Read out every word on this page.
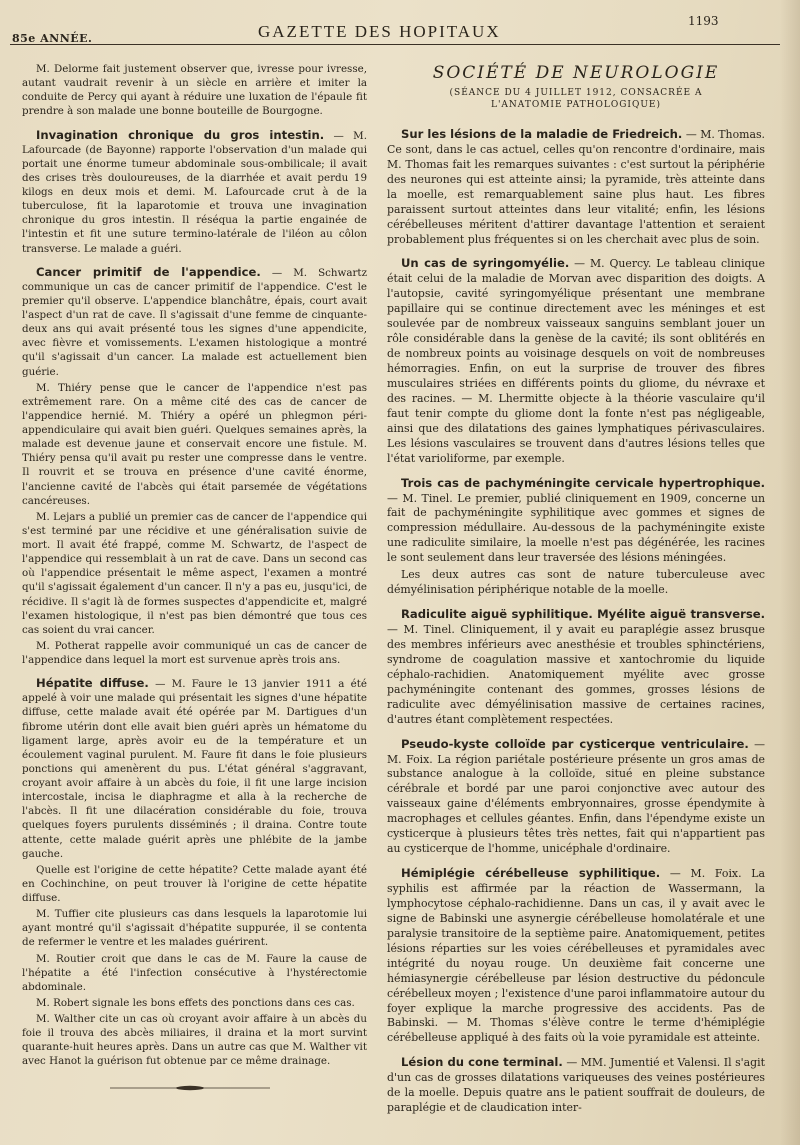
85e ANNÉE.	GAZETTE DES HOPITAUX
1193

M. Delorme fait justement observer que, ivresse pour ivresse, autant vaudrait revenir à un siècle en arrière et imiter la conduite de Percy qui ayant à réduire une luxation de l'épaule fit prendre à son malade une bonne bouteille de Bourgogne.

Invagination chronique du gros intestin. — M. Lafourcade (de Bayonne) rapporte l'observation d'un malade qui portait une énorme tumeur abdominale sous-ombilicale; il avait des crises très douloureuses, de la diarrhée et avait perdu 19 kilogs en deux mois et demi. M. Lafourcade crut à de la tuberculose, fit la laparotomie et trouva une invagination chronique du gros intestin. Il réséqua la partie engainée de l'intestin et fit une suture termino-latérale de l'iléon au côlon transverse. Le malade a guéri.

Cancer primitif de l'appendice. — M. Schwartz communique un cas de cancer primitif de l'appendice. C'est le premier qu'il observe. L'appendice blanchâtre, épais, court avait l'aspect d'un rat de cave. Il s'agissait d'une femme de cinquante-deux ans qui avait présenté tous les signes d'une appendicite, avec fièvre et vomissements. L'examen histologique a montré qu'il s'agissait d'un cancer. La malade est actuellement bien guérie.

M. Thiéry pense que le cancer de l'appendice n'est pas extrêmement rare. On a même cité des cas de cancer de l'appendice hernié. M. Thiéry a opéré un phlegmon péri-appendiculaire qui avait bien guéri. Quelques semaines après, la malade est devenue jaune et conservait encore une fistule. M. Thiéry pensa qu'il avait pu rester une compresse dans le ventre. Il rouvrit et se trouva en présence d'une cavité énorme, l'ancienne cavité de l'abcès qui était parsemée de végétations cancéreuses.

M. Lejars a publié un premier cas de cancer de l'appendice qui s'est terminé par une récidive et une généralisation suivie de mort. Il avait été frappé, comme M. Schwartz, de l'aspect de l'appendice qui ressemblait à un rat de cave. Dans un second cas où l'appendice présentait le même aspect, l'examen a montré qu'il s'agissait également d'un cancer. Il n'y a pas eu, jusqu'ici, de récidive. Il s'agit là de formes suspectes d'appendicite et, malgré l'examen histologique, il n'est pas bien démontré que tous ces cas soient du vrai cancer.

M. Potherat rappelle avoir communiqué un cas de cancer de l'appendice dans lequel la mort est survenue après trois ans.

Hépatite diffuse. — M. Faure le 13 janvier 1911 a été appelé à voir une malade qui présentait les signes d'une hépatite diffuse, cette malade avait été opérée par M. Dartigues d'un fibrome utérin dont elle avait bien guéri après un hématome du ligament large, après avoir eu de la température et un écoulement vaginal purulent. M. Faure fit dans le foie plusieurs ponctions qui amenèrent du pus. L'état général s'aggravant, croyant avoir affaire à un abcès du foie, il fit une large incision intercostale, incisa le diaphragme et alla à la recherche de l'abcès. Il fit une dilacération considérable du foie, trouva quelques foyers purulents disséminés ; il draina. Contre toute attente, cette malade guérit après une phlébite de la jambe gauche.

Quelle est l'origine de cette hépatite? Cette malade ayant été en Cochinchine, on peut trouver là l'origine de cette hépatite diffuse.

M. Tuffier cite plusieurs cas dans lesquels la laparotomie lui ayant montré qu'il s'agissait d'hépatite suppurée, il se contenta de refermer le ventre et les malades guérirent.

M. Routier croit que dans le cas de M. Faure la cause de l'hépatite a été l'infection consécutive à l'hystérectomie abdominale.

M. Robert signale les bons effets des ponctions dans ces cas.

M. Walther cite un cas où croyant avoir affaire à un abcès du foie il trouva des abcès miliaires, il draina et la mort survint quarante-huit heures après. Dans un autre cas que M. Walther vit avec Hanot la guérison fut obtenue par ce même drainage.

SOCIÉTÉ DE NEUROLOGIE
(SÉANCE DU 4 JUILLET 1912, CONSACRÉE A L'ANATOMIE PATHOLOGIQUE)

Sur les lésions de la maladie de Friedreich. — M. Thomas. Ce sont, dans le cas actuel, celles qu'on rencontre d'ordinaire, mais M. Thomas fait les remarques suivantes : c'est surtout la périphérie des neurones qui est atteinte ainsi; la pyramide, très atteinte dans la moelle, est remarquablement saine plus haut. Les fibres paraissent surtout atteintes dans leur vitalité; enfin, les lésions cérébelleuses méritent d'attirer davantage l'attention et seraient probablement plus fréquentes si on les cherchait avec plus de soin.

Un cas de syringomyélie. — M. Quercy. Le tableau clinique était celui de la maladie de Morvan avec disparition des doigts. A l'autopsie, cavité syringomyélique présentant une membrane papillaire qui se continue directement avec les méninges et est soulevée par de nombreux vaisseaux sanguins semblant jouer un rôle considérable dans la genèse de la cavité; ils sont oblitérés en de nombreux points au voisinage desquels on voit de nombreuses hémorragies. Enfin, on eut la surprise de trouver des fibres musculaires striées en différents points du gliome, du névraxe et des racines. — M. Lhermitte objecte à la théorie vasculaire qu'il faut tenir compte du gliome dont la fonte n'est pas négligeable, ainsi que des dilatations des gaines lymphatiques périvasculaires. Les lésions vasculaires se trouvent dans d'autres lésions telles que l'état varioliforme, par exemple.

Trois cas de pachyméningite cervicale hypertrophique. — M. Tinel. Le premier, publié cliniquement en 1909, concerne un fait de pachyméningite syphilitique avec gommes et signes de compression médullaire. Au-dessous de la pachyméningite existe une radiculite similaire, la moelle n'est pas dégénérée, les racines le sont seulement dans leur traversée des lésions méningées.

Les deux autres cas sont de nature tuberculeuse avec démyélinisation périphérique notable de la moelle.

Radiculite aiguë syphilitique. Myélite aiguë transverse. — M. Tinel. Cliniquement, il y avait eu paraplégie assez brusque des membres inférieurs avec anesthésie et troubles sphinctériens, syndrome de coagulation massive et xantochromie du liquide céphalo-rachidien. Anatomiquement myélite avec grosse pachyméningite contenant des gommes, grosses lésions de radiculite avec démyélinisation massive de certaines racines, d'autres étant complètement respectées.

Pseudo-kyste colloïde par cysticerque ventriculaire. — M. Foix. La région pariétale postérieure présente un gros amas de substance analogue à la colloïde, situé en pleine substance cérébrale et bordé par une paroi conjonctive avec autour des vaisseaux gaine d'éléments embryonnaires, grosse épendymite à macrophages et cellules géantes. Enfin, dans l'épendyme existe un cysticerque à plusieurs têtes très nettes, fait qui n'appartient pas au cysticerque de l'homme, unicéphale d'ordinaire.

Hémiplégie cérébelleuse syphilitique. — M. Foix. La syphilis est affirmée par la réaction de Wassermann, la lymphocytose céphalo-rachidienne. Dans un cas, il y avait avec le signe de Babinski une asynergie cérébelleuse homolatérale et une paralysie transitoire de la septième paire. Anatomiquement, petites lésions réparties sur les voies cérébelleuses et pyramidales avec intégrité du noyau rouge. Un deuxième fait concerne une hémiasynergie cérébelleuse par lésion destructive du pédoncule cérébelleux moyen ; l'existence d'une paroi inflammatoire autour du foyer explique la marche progressive des accidents. Pas de Babinski. — M. Thomas s'élève contre le terme d'hémiplégie cérébelleuse appliqué à des faits où la voie pyramidale est atteinte.

Lésion du cone terminal. — MM. Jumentié et Valensi. Il s'agit d'un cas de grosses dilatations variqueuses des veines postérieures de la moelle. Depuis quatre ans le patient souffrait de douleurs, de paraplégie et de claudication inter-
